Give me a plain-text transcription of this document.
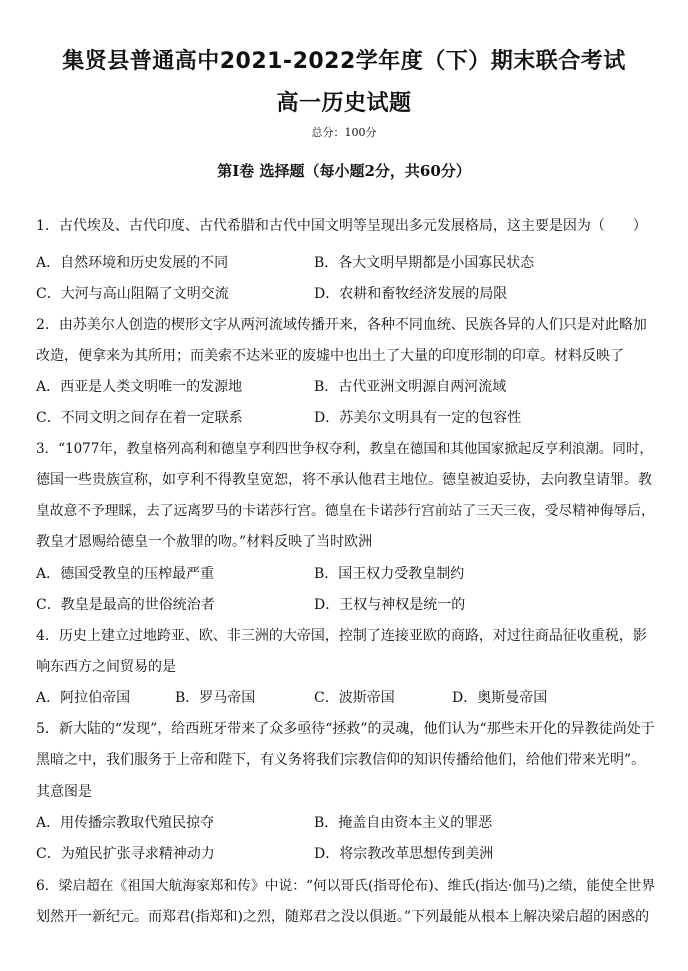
集贤县普通高中2021-2022学年度（下）期末联合考试
高一历史试题
总分：100分
第Ⅰ卷 选择题（每小题2分，共60分）
1．古代埃及、古代印度、古代希腊和古代中国文明等呈现出多元发展格局，这主要是因为（　　）
A．自然环境和历史发展的不同	B．各大文明早期都是小国寡民状态
C．大河与高山阻隔了文明交流	D．农耕和畜牧经济发展的局限
2．由苏美尔人创造的楔形文字从两河流域传播开来，各种不同血统、民族各异的人们只是对此略加
改造，便拿来为其所用；而美索不达米亚的废墟中也出土了大量的印度形制的印章。材料反映了
A．西亚是人类文明唯一的发源地	B．古代亚洲文明源自两河流域
C．不同文明之间存在着一定联系	D．苏美尔文明具有一定的包容性
3．“1077年，教皇格列高利和德皇亨利四世争权夺利，教皇在德国和其他国家掀起反亨利浪潮。同时，
德国一些贵族宣称，如亨利不得教皇宽恕，将不承认他君主地位。德皇被迫妥协，去向教皇请罪。教
皇故意不予理睬，去了远离罗马的卡诺莎行宫。德皇在卡诺莎行宫前站了三天三夜，受尽精神侮辱后，
教皇才恩赐给德皇一个赦罪的吻。”材料反映了当时欧洲
A．德国受教皇的压榨最严重	B．国王权力受教皇制约
C．教皇是最高的世俗统治者	D．王权与神权是统一的
4．历史上建立过地跨亚、欧、非三洲的大帝国，控制了连接亚欧的商路，对过往商品征收重税，影
响东西方之间贸易的是
A．阿拉伯帝国	B．罗马帝国	C．波斯帝国	D．奥斯曼帝国
5．新大陆的“发现”，给西班牙带来了众多亟待“拯救”的灵魂，他们认为“那些未开化的异教徒尚处于
黑暗之中，我们服务于上帝和陛下，有义务将我们宗教信仰的知识传播给他们，给他们带来光明”。
其意图是
A．用传播宗教取代殖民掠夺	B．掩盖自由资本主义的罪恶
C．为殖民扩张寻求精神动力	D．将宗教改革思想传到美洲
6．梁启超在《祖国大航海家郑和传》中说：“何以哥氏(指哥伦布)、维氏(指达·伽马)之绩，能使全世界
划然开一新纪元。而郑君(指郑和)之烈，随郑君之没以俱逝。”下列最能从根本上解决梁启超的困惑的
